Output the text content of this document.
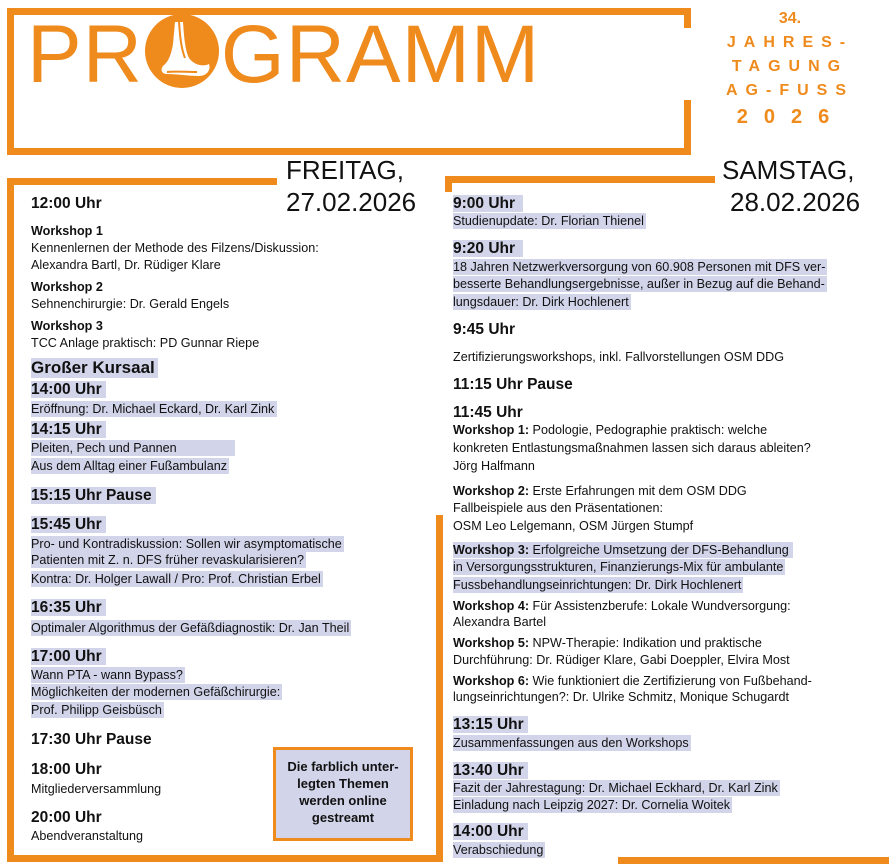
PR GRAMM	34.
JAHRES-
TAGUNG
AG-FUSS
2026
FREITAG,
27.02.2026
SAMSTAG,
28.02.2026
12:00 Uhr
Workshop 1
Kennenlernen der Methode des Filzens/Diskussion:
Alexandra Bartl, Dr. Rüdiger Klare
Workshop 2
Sehnenchirurgie: Dr. Gerald Engels
Workshop 3
TCC Anlage praktisch: PD Gunnar Riepe
Großer Kursaal
14:00 Uhr
Eröffnung: Dr. Michael Eckard, Dr. Karl Zink
14:15 Uhr
Pleiten, Pech und Pannen
Aus dem Alltag einer Fußambulanz
15:15 Uhr Pause
15:45 Uhr
Pro- und Kontradiskussion: Sollen wir asymptomatische
Patienten mit Z. n. DFS früher revaskularisieren?
Kontra: Dr. Holger Lawall / Pro: Prof. Christian Erbel
16:35 Uhr
Optimaler Algorithmus der Gefäßdiagnostik: Dr. Jan Theil
17:00 Uhr
Wann PTA - wann Bypass?
Möglichkeiten der modernen Gefäßchirurgie:
Prof. Philipp Geisbüsch
17:30 Uhr Pause
18:00 Uhr
Mitgliederversammlung
20:00 Uhr
Abendveranstaltung
Die farblich unter-
legten Themen
werden online
gestreamt
9:00 Uhr
Studienupdate: Dr. Florian Thienel
9:20 Uhr
18 Jahren Netzwerkversorgung von 60.908 Personen mit DFS ver-
besserte Behandlungsergebnisse, außer in Bezug auf die Behand-
lungsdauer: Dr. Dirk Hochlenert
9:45 Uhr
Zertifizierungsworkshops, inkl. Fallvorstellungen OSM DDG
11:15 Uhr Pause
11:45 Uhr
Workshop 1: Podologie, Pedographie praktisch: welche
konkreten Entlastungsmaßnahmen lassen sich daraus ableiten?
Jörg Halfmann
Workshop 2: Erste Erfahrungen mit dem OSM DDG
Fallbeispiele aus den Präsentationen:
OSM Leo Lelgemann, OSM Jürgen Stumpf
Workshop 3: Erfolgreiche Umsetzung der DFS-Behandlung
in Versorgungsstrukturen, Finanzierungs-Mix für ambulante
Fussbehandlungseinrichtungen: Dr. Dirk Hochlenert
Workshop 4: Für Assistenzberufe: Lokale Wundversorgung:
Alexandra Bartel
Workshop 5: NPW-Therapie: Indikation und praktische
Durchführung: Dr. Rüdiger Klare, Gabi Doeppler, Elvira Most
Workshop 6: Wie funktioniert die Zertifizierung von Fußbehand-
lungseinrichtungen?: Dr. Ulrike Schmitz, Monique Schugardt
13:15 Uhr
Zusammenfassungen aus den Workshops
13:40 Uhr
Fazit der Jahrestagung: Dr. Michael Eckhard, Dr. Karl Zink
Einladung nach Leipzig 2027: Dr. Cornelia Woitek
14:00 Uhr
Verabschiedung
